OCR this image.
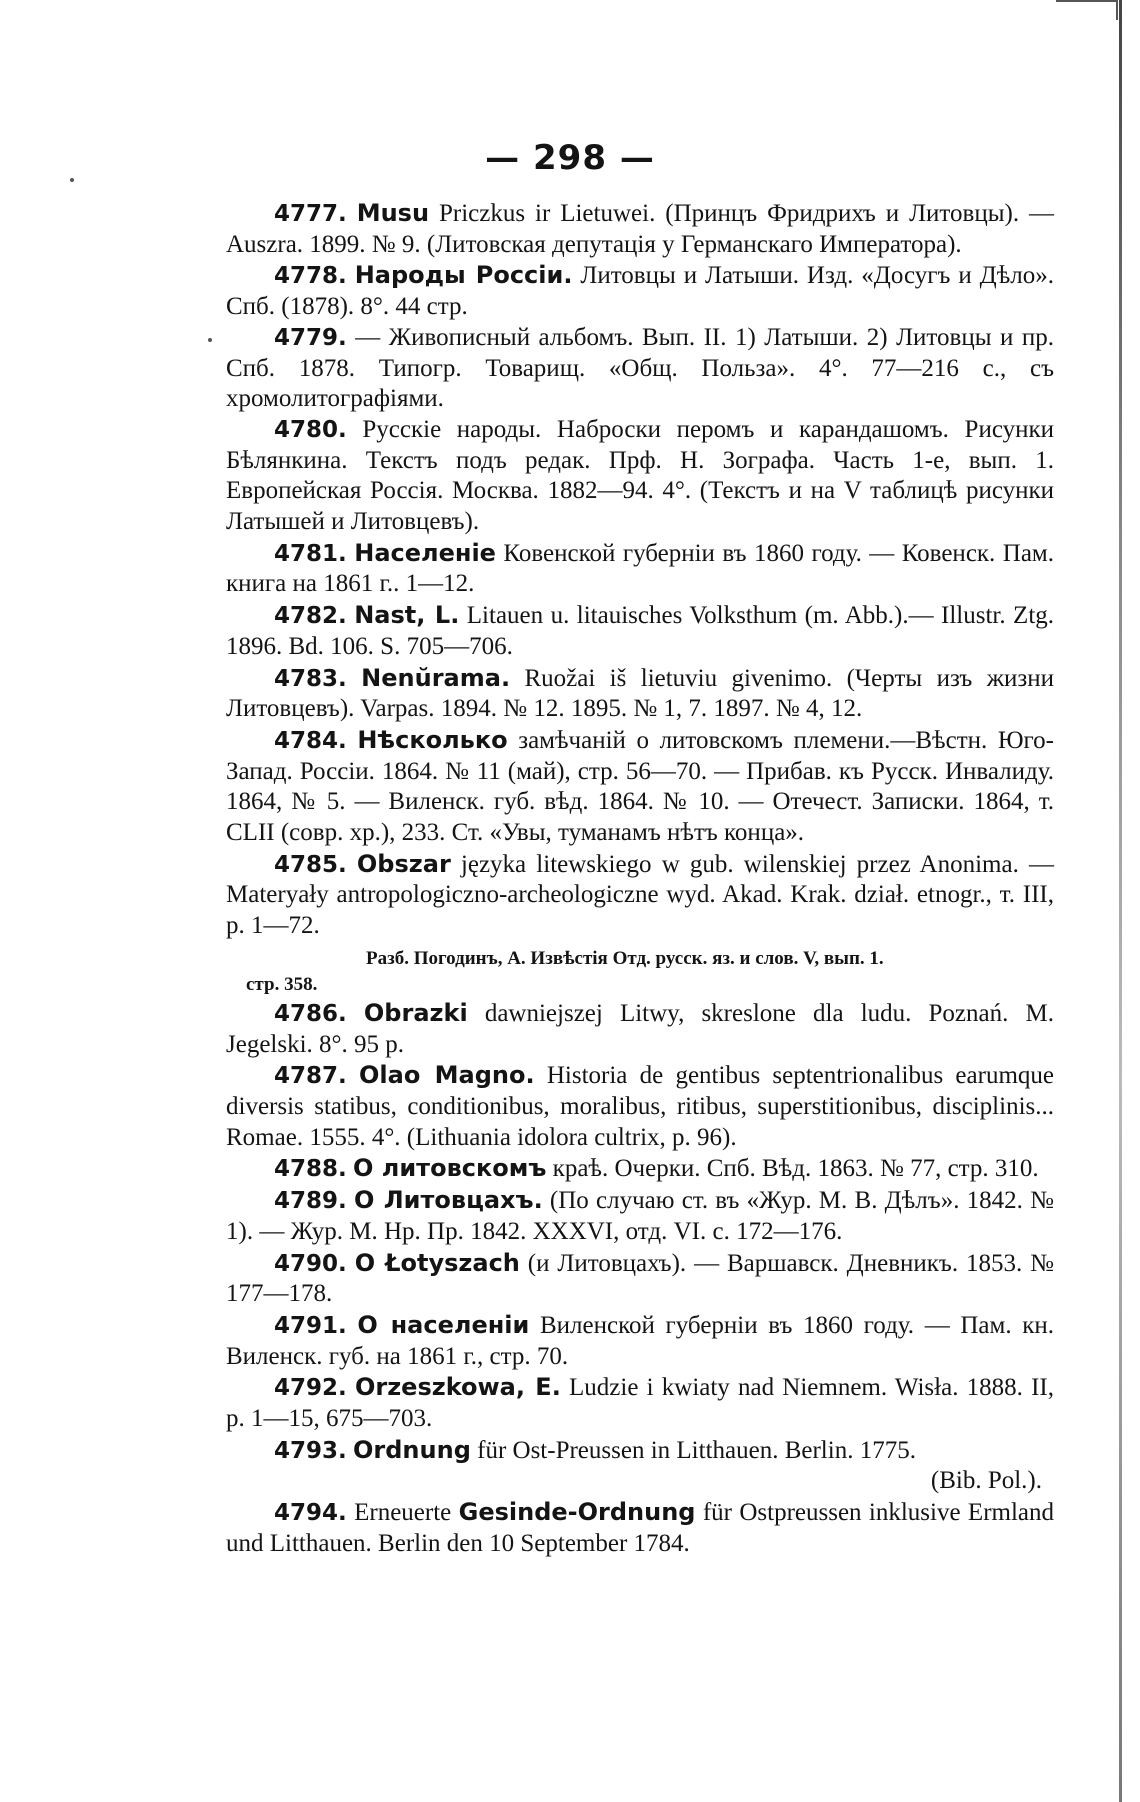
— 298 —

4777. Musu Priczkus ir Lietuwei. (Принцъ Фридрихъ и Литовцы). — Auszra. 1899. № 9. (Литовская депутація у Германскаго Императора).

4778. Народы Россіи. Литовцы и Латыши. Изд. «Досугъ и Дѣло». Спб. (1878). 8°. 44 стр.

4779. — Живописный альбомъ. Вып. II. 1) Латыши. 2) Литовцы и пр. Спб. 1878. Типогр. Товарищ. «Общ. Польза». 4°. 77—216 с., съ хромолитографіями.

4780. Русскіе народы. Наброски перомъ и карандашомъ. Рисунки Бѣлянкина. Текстъ подъ редак. Прф. Н. Зографа. Часть 1-е, вып. 1. Европейская Россія. Москва. 1882—94. 4°. (Текстъ и на V таблицѣ рисунки Латышей и Литовцевъ).

4781. Населеніе Ковенской губерніи въ 1860 году. — Ковенск. Пам. книга на 1861 г.. 1—12.

4782. Nast, L. Litauen u. litauisches Volksthum (m. Abb.).— Illustr. Ztg. 1896. Bd. 106. S. 705—706.

4783. Nenŭrama. Ruožai iš lietuviu givenimo. (Черты изъ жизни Литовцевъ). Varpas. 1894. № 12. 1895. № 1, 7. 1897. № 4, 12.

4784. Нѣсколько замѣчаній о литовскомъ племени.—Вѣстн. Юго-Запад. Россіи. 1864. № 11 (май), стр. 56—70. — Прибав. къ Русск. Инвалиду. 1864, № 5. — Виленск. губ. вѣд. 1864. № 10. — Отечест. Записки. 1864, т. CLII (совр. хр.), 233. Ст. «Увы, туманамъ нѣтъ конца».

4785. Obszar języka litewskiego w gub. wilenskiej przez Anonima. — Materyały antropologiczno-archeologiczne wyd. Akad. Krak. dział. etnogr., т. III, p. 1—72.

Разб. Погодинъ, А. Извѣстія Отд. русск. яз. и слов. V, вып. 1.
стр. 358.

4786. Obrazki dawniejszej Litwy, skreslone dla ludu. Poznań. M. Jegelski. 8°. 95 p.

4787. Olao Magno. Historia de gentibus septentrionalibus earumque diversis statibus, conditionibus, moralibus, ritibus, superstitionibus, disciplinis... Romae. 1555. 4°. (Lithuania idolora cultrix, p. 96).

4788. О литовскомъ краѣ. Очерки. Спб. Вѣд. 1863. № 77, стр. 310.

4789. О Литовцахъ. (По случаю ст. въ «Жур. М. В. Дѣлъ». 1842. № 1). — Жур. М. Нр. Пр. 1842. XXXVI, отд. VI. с. 172—176.

4790. О Łotyszach (и Литовцахъ). — Варшавск. Дневникъ. 1853. № 177—178.

4791. О населеніи Виленской губерніи въ 1860 году. — Пам. кн. Виленск. губ. на 1861 г., стр. 70.

4792. Orzeszkowa, E. Ludzie i kwiaty nad Niemnem. Wisła. 1888. II, p. 1—15, 675—703.

4793. Ordnung für Ost-Preussen in Litthauen. Berlin. 1775.

(Bib. Pol.).

4794. Erneuerte Gesinde-Ordnung für Ostpreussen inklusive Ermland und Litthauen. Berlin den 10 September 1784.
